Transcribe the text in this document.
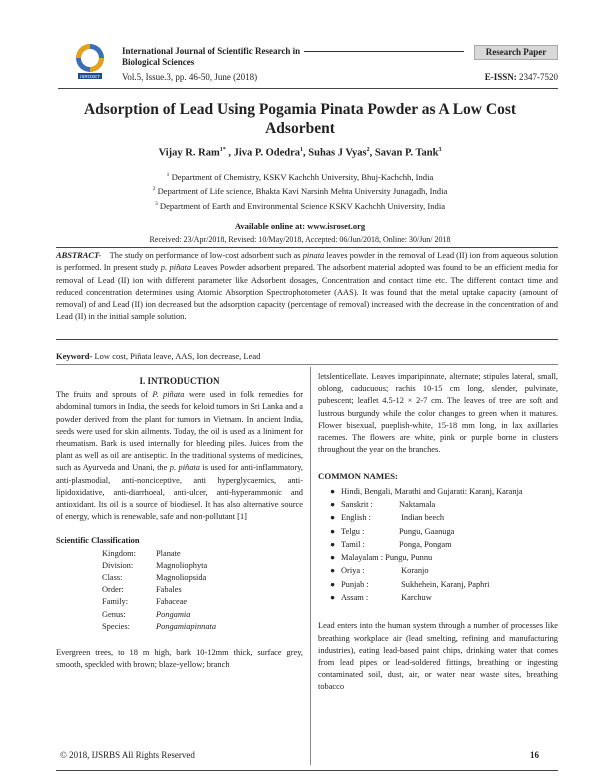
ISROSET
International Journal of Scientific Research in
Biological Sciences
Vol.5, Issue.3, pp. 46-50, June (2018)
Research Paper
E-ISSN: 2347-7520
Adsorption of Lead Using Pogamia Pinata Powder as A Low Cost Adsorbent
Vijay R. Ram$^{1*}$ , Jiva P. Odedra$^1$, Suhas J Vyas$^2$, Savan P. Tank$^3$
$^1$ Department of Chemistry, KSKV Kachchh University, Bhuj-Kachchh, India
$^2$ Department of Life science, Bhakta Kavi Narsinh Mehta University Junagadh, India
$^3$ Department of Earth and Environmental Science KSKV Kachchh University, India
Available online at: www.isroset.org
Received: 23/Apr/2018, Revised: 10/May/2018, Accepted: 06/Jun/2018, Online: 30/Jun/ 2018
ABSTRACT- The study on performance of low-cost adsorbent such as pinata leaves powder in the removal of Lead (II) ion from aqueous solution is performed. In present study p. piñata Leaves Powder adsorbent prepared. The adsorbent material adopted was found to be an efficient media for removal of Lead (II) ion with different parameter like Adsorbent dosages, Concentration and contact time etc. The different contact time and reduced concentration determines using Atomic Absorption Spectrophotometer (AAS). It was found that the metal uptake capacity (amount of removal) of and Lead (II) ion decreased but the adsorption capacity (percentage of removal) increased with the decrease in the concentration of and Lead (II) in the initial sample solution.
Keyword- Low cost, Piñata leave, AAS, Ion decrease, Lead
I. INTRODUCTION

The fruits and sprouts of P. piñata were used in folk remedies for abdominal tumors in India, the seeds for keloid tumors in Sri Lanka and a powder derived from the plant for tumors in Vietnam. In ancient India, seeds were used for skin ailments. Today, the oil is used as a liniment for rheumatism. Bark is used internally for bleeding piles. Juices from the plant as well as oil are antiseptic. In the traditional systems of medicines, such as Ayurveda and Unani, the p. piñata is used for anti-inflammatory, anti-plasmodial, anti-nonciceptive, anti hyperglycaemics, anti-lipidoxidative, anti-diarrhoeal, anti-ulcer, anti-hyperammonic and antioxidant. Its oil is a source of biodiesel. It has also alternative source of energy, which is renewable, safe and non-pollutant [1]

Scientific Classification
Kingdom:	Planate
Division:	Magnoliophyta
Class:	Magnoliopsida
Order:	Fabales
Family:	Fabaceae
Genus:	Pongamia
Species:	Pongamiapinnata

Evergreen trees, to 18 m high, bark 10-12mm thick, surface grey, smooth, speckled with brown; blaze-yellow; branch

letslenticellate. Leaves imparipinnate, alternate; stipules lateral, small, oblong, caducuous; rachis 10-15 cm long, slender, pulvinate, pubescent; leaflet 4.5-12 × 2-7 cm. The leaves of tree are soft and lustrous burgundy while the color changes to green when it matures. Flower bisexual, pueplish-white, 15-18 mm long, in lax axillaries racemes. The flowers are white, pink or purple borne in clusters throughout the year on the branches.

COMMON NAMES:
● Hindi, Bengali, Marathi and Gujarati: Karanj, Karanja
● Sanskrit :	Naktamala
● English :	Indian beech
● Telgu :	Pungu, Gaanuga
● Tamil :	Ponga, Pongam
● Malayalam : Pungu, Punnu
● Oriya :	Koranjo
● Punjab :	Sukhehein, Karanj, Paphri
● Assam :	Karchuw

Lead enters into the human system through a number of processes like breathing workplace air (lead smelting, refining and manufacturing industries), eating lead-based paint chips, drinking water that comes from lead pipes or lead-soldered fittings, breathing or ingesting contaminated soil, dust, air, or water near waste sites, breathing tobacco

© 2018, IJSRBS All Rights Reserved	16
